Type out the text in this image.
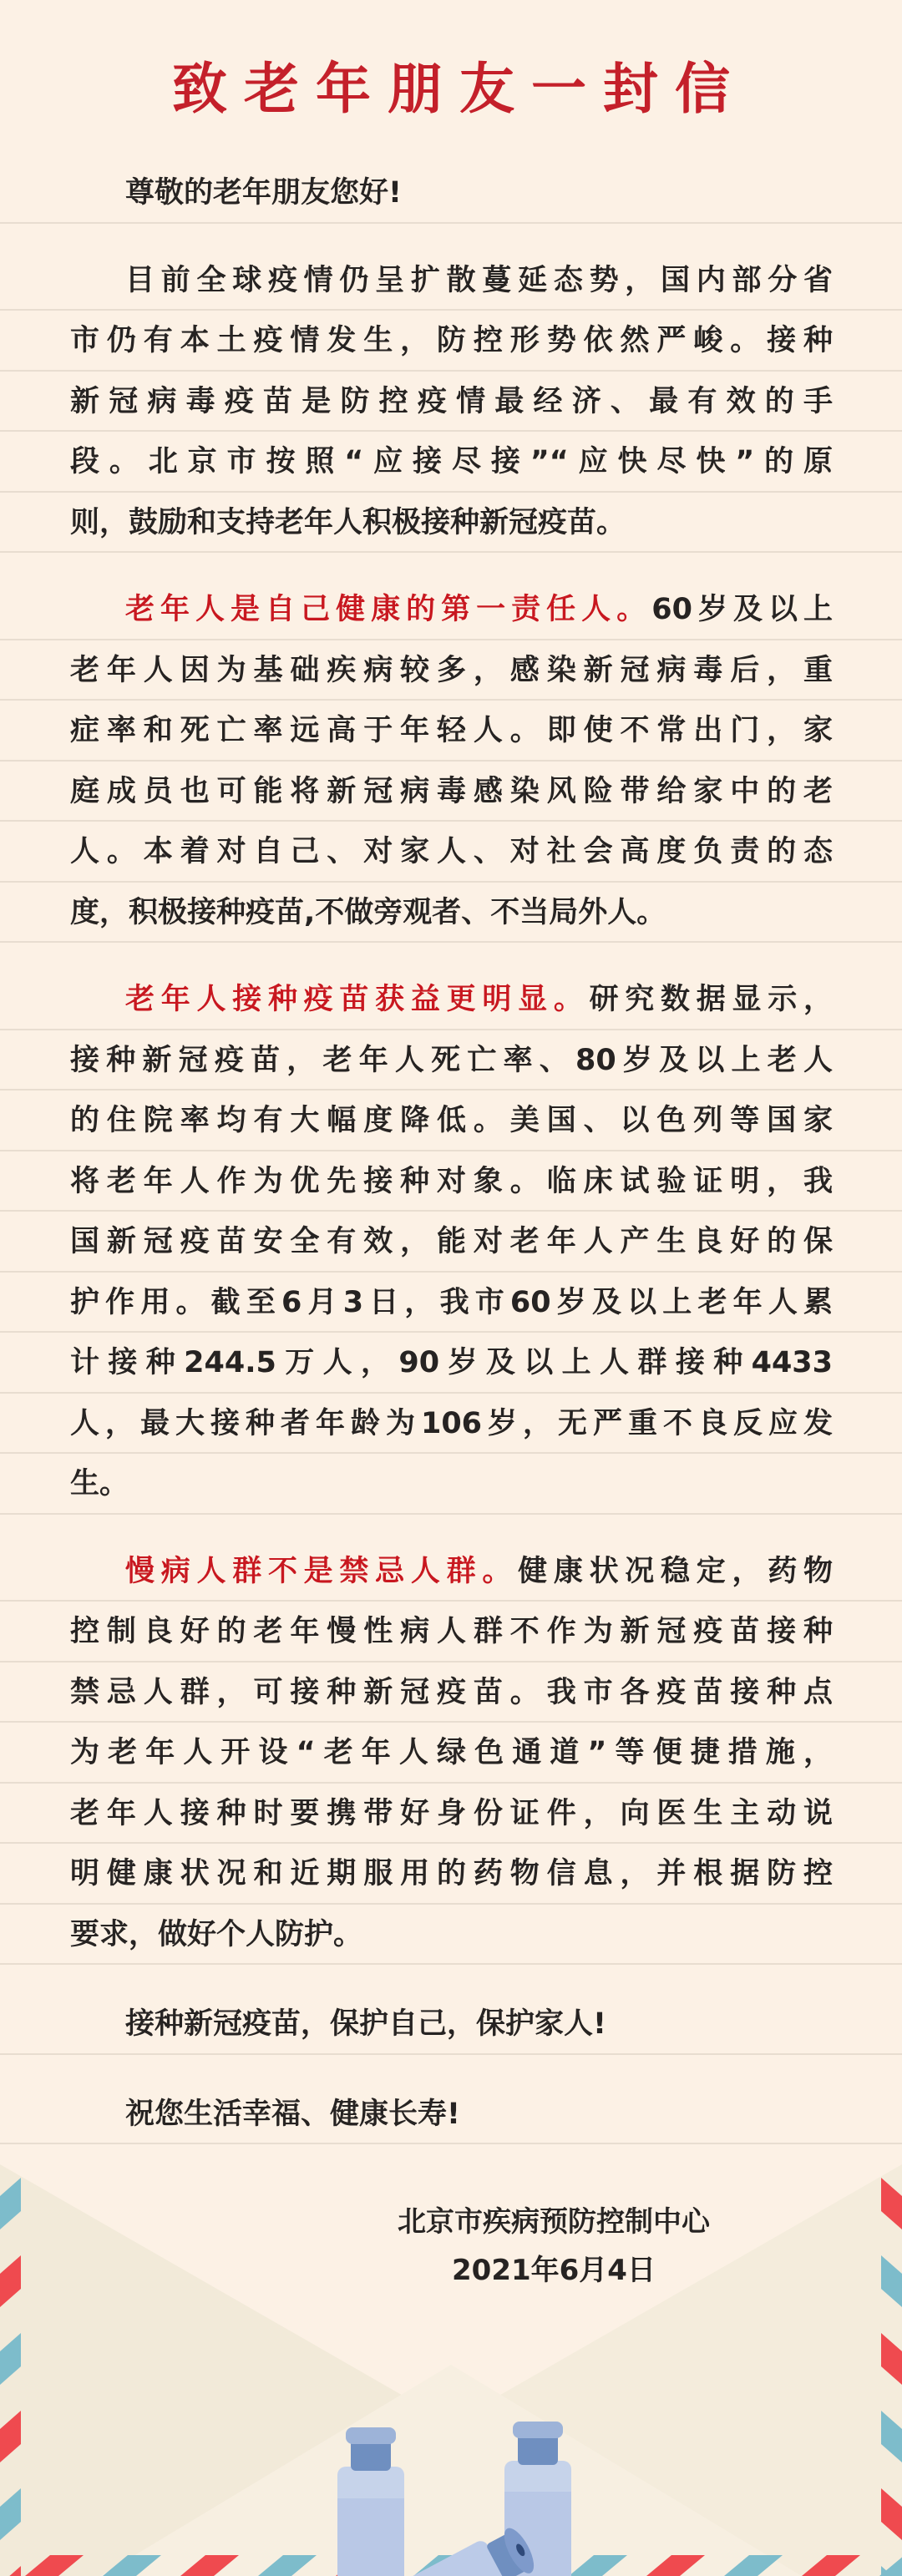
致老年朋友一封信
尊敬的老年朋友您好!
目前全球疫情仍呈扩散蔓延态势，国内部分省
市仍有本土疫情发生，防控形势依然严峻。接种
新冠病毒疫苗是防控疫情最经济、最有效的手
段。北京市按照“应接尽接”“应快尽快”的原
则，鼓励和支持老年人积极接种新冠疫苗。
老年人是自己健康的第一责任人。60岁及以上
老年人因为基础疾病较多，感染新冠病毒后，重
症率和死亡率远高于年轻人。即使不常出门，家
庭成员也可能将新冠病毒感染风险带给家中的老
人。本着对自己、对家人、对社会高度负责的态
度，积极接种疫苗,不做旁观者、不当局外人。
老年人接种疫苗获益更明显。研究数据显示，
接种新冠疫苗，老年人死亡率、80岁及以上老人
的住院率均有大幅度降低。美国、以色列等国家
将老年人作为优先接种对象。临床试验证明，我
国新冠疫苗安全有效，能对老年人产生良好的保
护作用。截至6月3日，我市60岁及以上老年人累
计接种244.5万人，90岁及以上人群接种4433
人，最大接种者年龄为106岁，无严重不良反应发
生。
慢病人群不是禁忌人群。健康状况稳定，药物
控制良好的老年慢性病人群不作为新冠疫苗接种
禁忌人群，可接种新冠疫苗。我市各疫苗接种点
为老年人开设“老年人绿色通道”等便捷措施，
老年人接种时要携带好身份证件，向医生主动说
明健康状况和近期服用的药物信息，并根据防控
要求，做好个人防护。
接种新冠疫苗，保护自己，保护家人!
祝您生活幸福、健康长寿!
北京市疾病预防控制中心
2021年6月4日
